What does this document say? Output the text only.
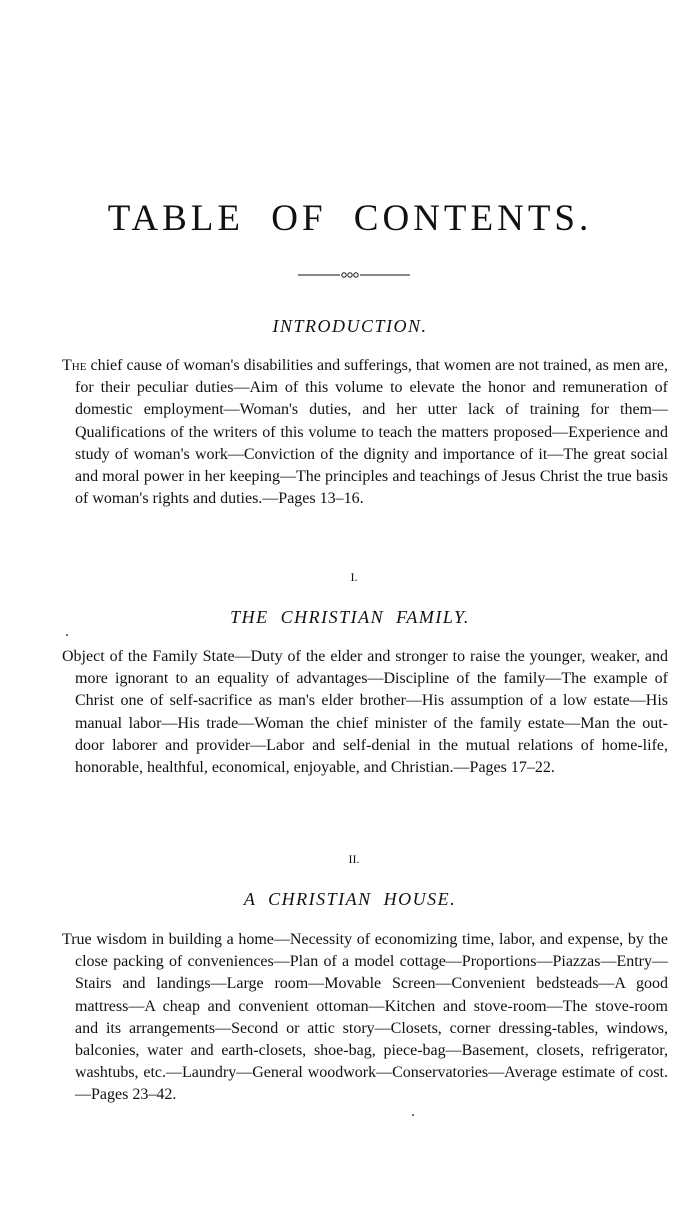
TABLE OF CONTENTS.
INTRODUCTION.

The chief cause of woman's disabilities and sufferings, that women are not trained, as men are, for their peculiar duties—Aim of this volume to elevate the honor and remuneration of domestic employment—Woman's duties, and her utter lack of training for them—Qualifications of the writers of this volume to teach the matters proposed—Experience and study of woman's work—Conviction of the dignity and importance of it—The great social and moral power in her keeping—The principles and teachings of Jesus Christ the true basis of woman's rights and duties.—Pages 13–16.

I.
THE CHRISTIAN FAMILY.

Object of the Family State—Duty of the elder and stronger to raise the younger, weaker, and more ignorant to an equality of advantages—Discipline of the family—The example of Christ one of self-sacrifice as man's elder brother—His assumption of a low estate—His manual labor—His trade—Woman the chief minister of the family estate—Man the out-door laborer and provider—Labor and self-denial in the mutual relations of home-life, honorable, healthful, economical, enjoyable, and Christian.—Pages 17–22.

II.
A CHRISTIAN HOUSE.

True wisdom in building a home—Necessity of economizing time, labor, and expense, by the close packing of conveniences—Plan of a model cottage—Proportions—Piazzas—Entry—Stairs and landings—Large room—Movable Screen—Convenient bedsteads—A good mattress—A cheap and convenient ottoman—Kitchen and stove-room—The stove-room and its arrangements—Second or attic story—Closets, corner dressing-tables, windows, balconies, water and earth-closets, shoe-bag, piece-bag—Basement, closets, refrigerator, washtubs, etc.—Laundry—General woodwork—Conservatories—Average estimate of cost.—Pages 23–42.
